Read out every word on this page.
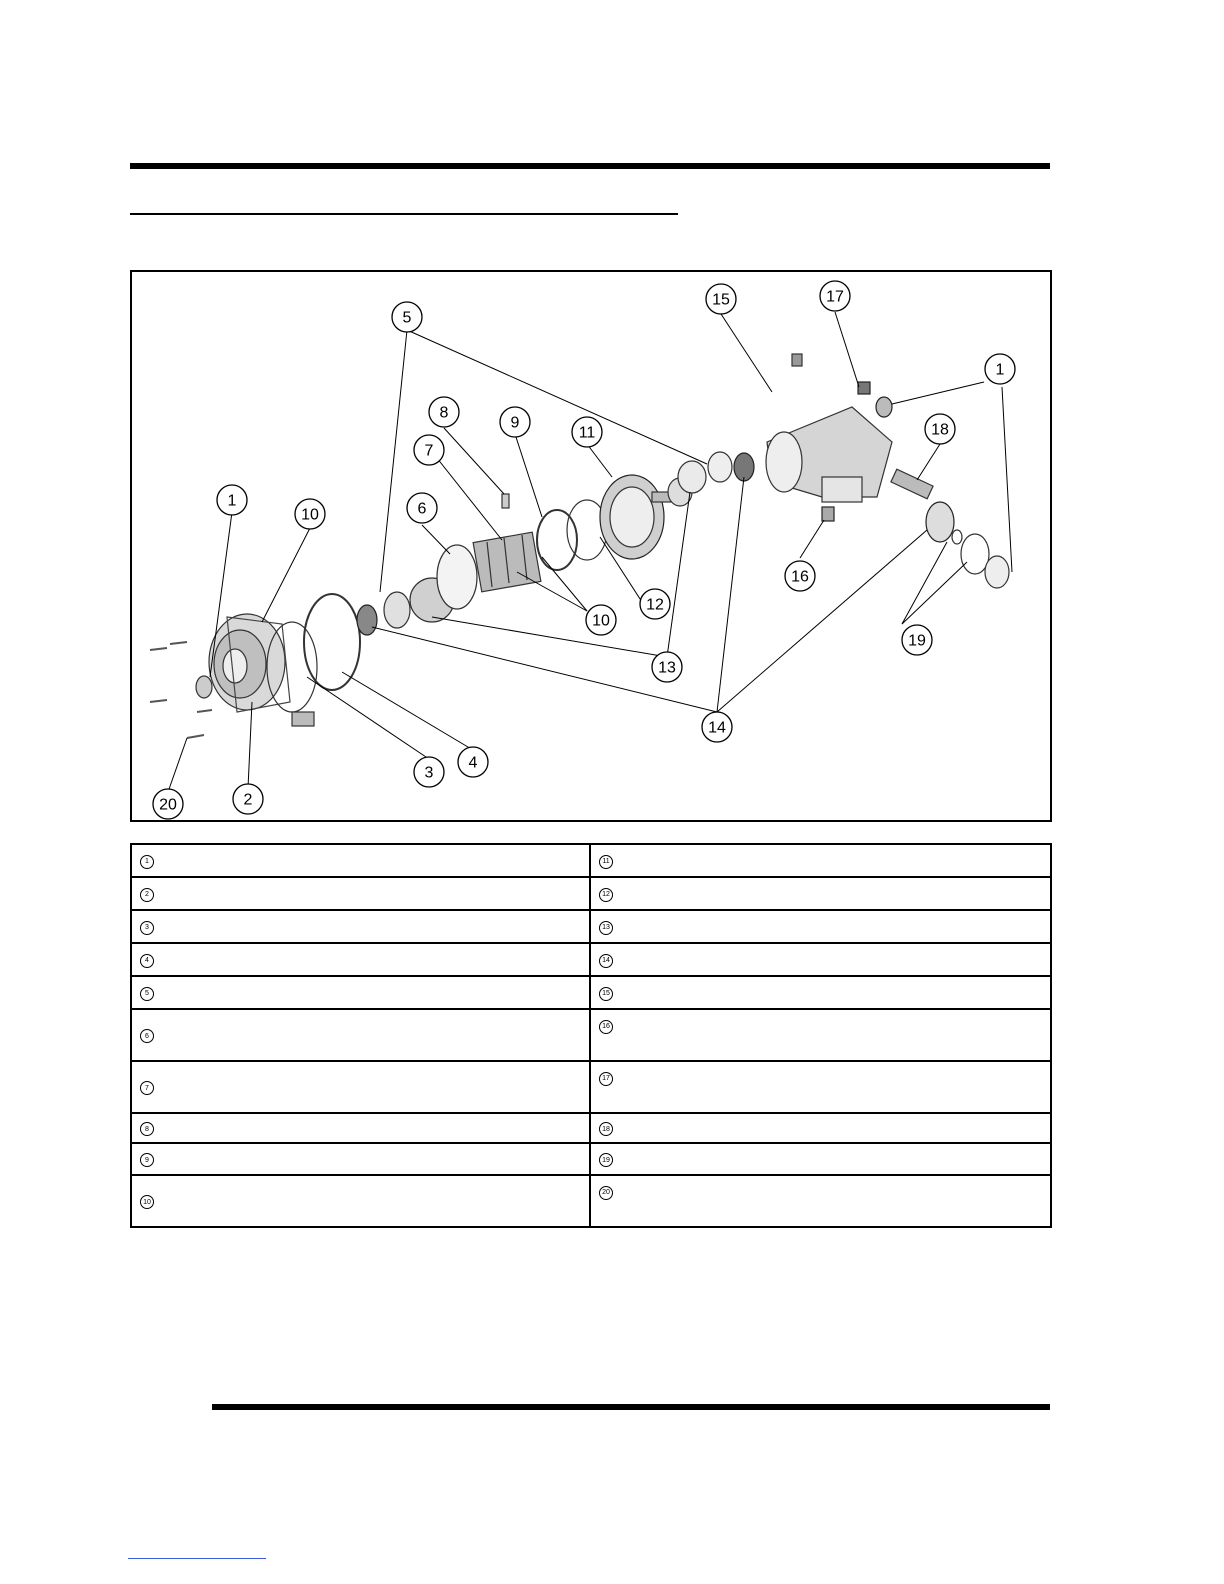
1
10
5
8
9
7
6
11
15	17
1
18
16
12
10
13
19
14
4
3
2
20
1	11
2	12
3	13
4	14
5	15
6	16
7	17
8	18
9	19
10	20
